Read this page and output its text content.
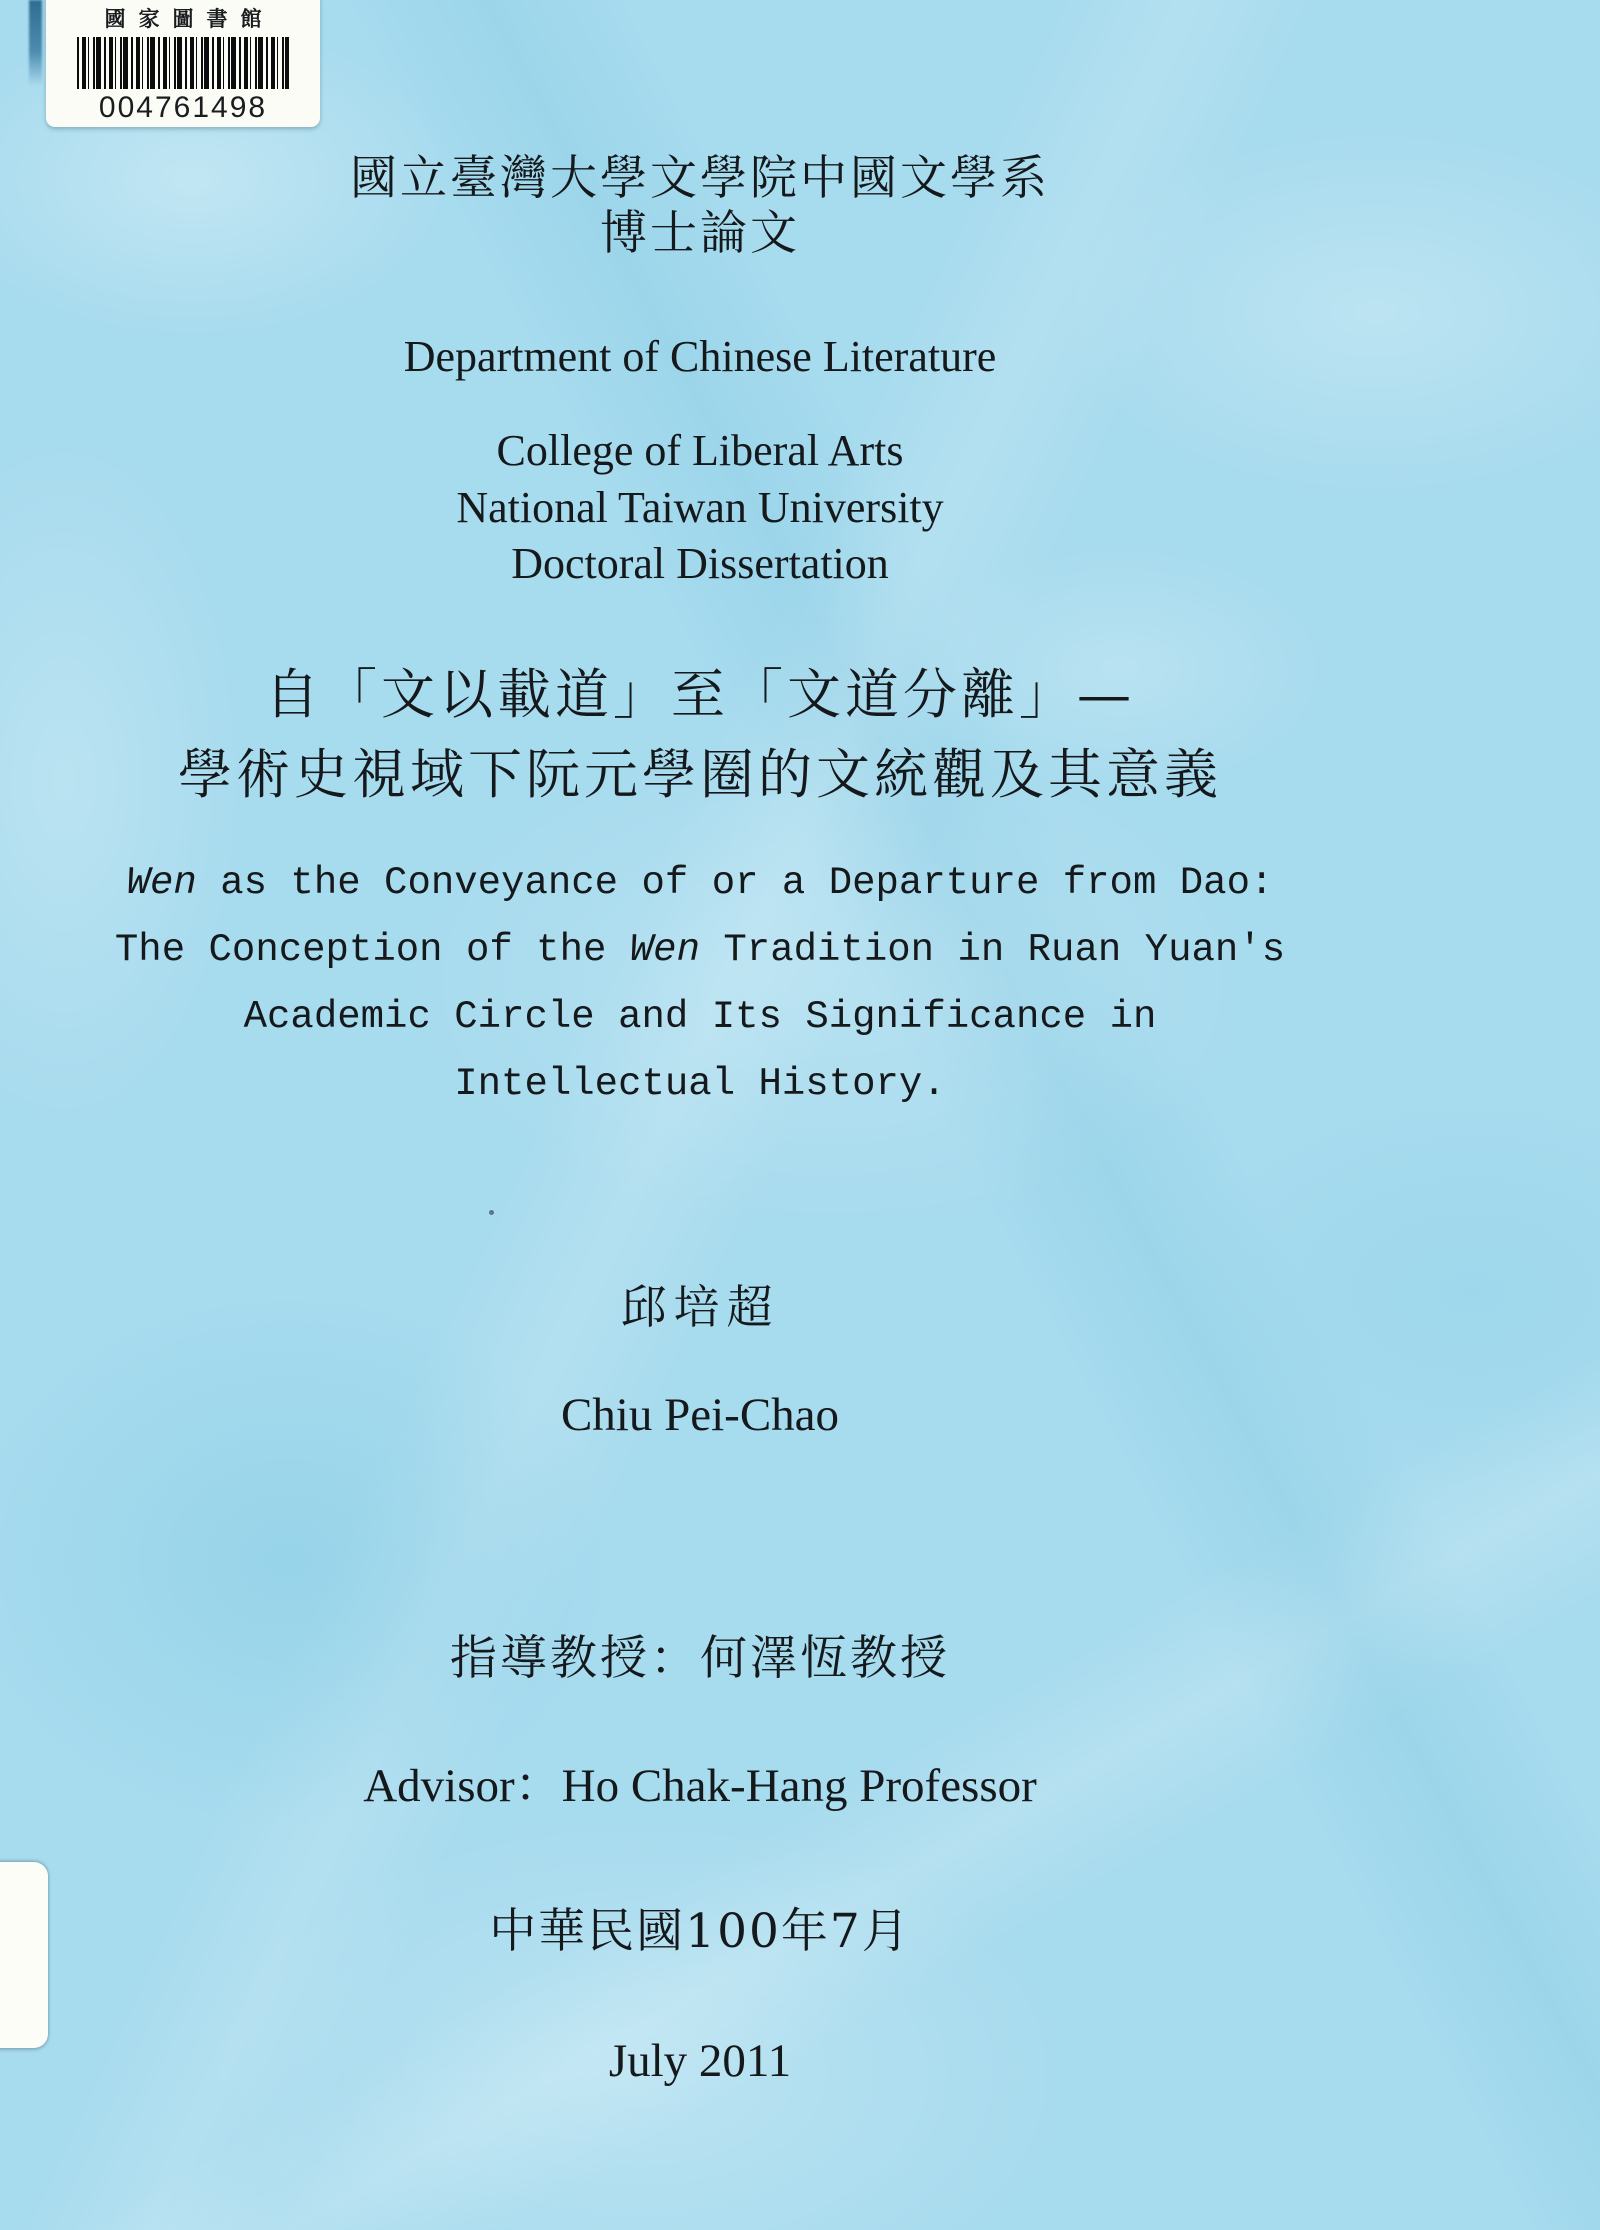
國家圖書館
004761498
國立臺灣大學文學院中國文學系
博士論文
Department of Chinese Literature
College of Liberal Arts
National Taiwan University
Doctoral Dissertation
自「文以載道」至「文道分離」—
學術史視域下阮元學圈的文統觀及其意義
Wen as the Conveyance of or a Departure from Dao:
The Conception of the Wen Tradition in Ruan Yuan's
Academic Circle and Its Significance in
Intellectual History.
邱培超
Chiu Pei-Chao
指導教授：何澤恆教授
Advisor：Ho Chak-Hang Professor
中華民國100年7月
July 2011
